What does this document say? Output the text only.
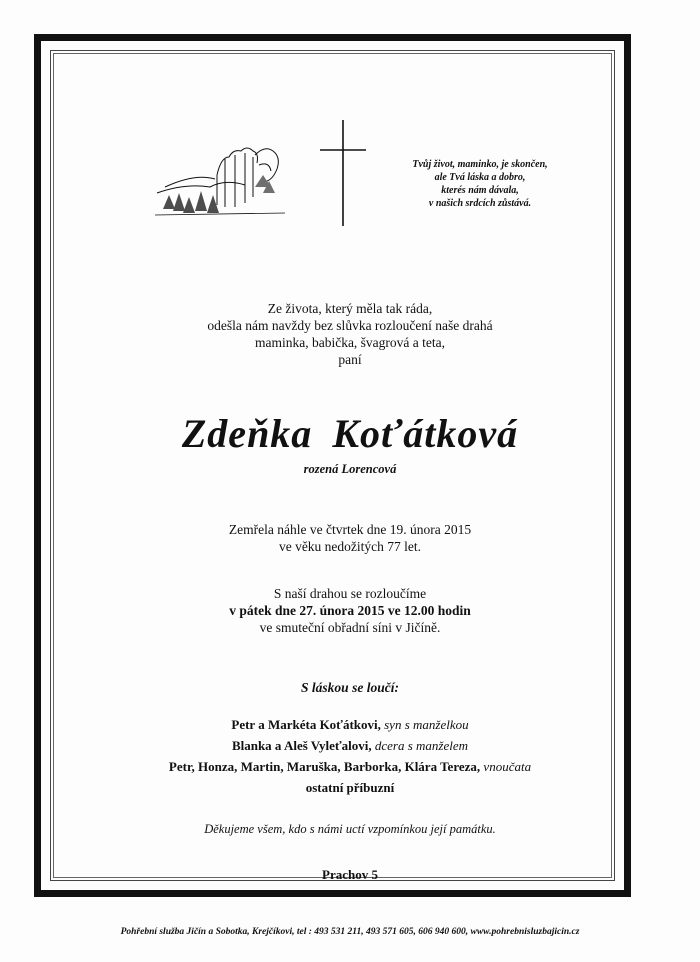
Tvůj život, maminko, je skončen,
ale Tvá láska a dobro,
kterés nám dávala,
v našich srdcích zůstává.
Ze života, který měla tak ráda,
odešla nám navždy bez slůvka rozloučení naše drahá
maminka, babička, švagrová a teta,
paní
Zdeňka Koťátková
rozená Lorencová
Zemřela náhle ve čtvrtek dne 19. února 2015
ve věku nedožitých 77 let.
S naší drahou se rozloučíme
v pátek dne 27. února 2015 ve 12.00 hodin
ve smuteční obřadní síni v Jičíně.
S láskou se loučí:
Petr a Markéta Koťátkovi, syn s manželkou
Blanka a Aleš Vyleťalovi, dcera s manželem
Petr, Honza, Martin, Maruška, Barborka, Klára Tereza, vnoučata
ostatní příbuzní
Děkujeme všem, kdo s námi uctí vzpomínkou její památku.
Prachov 5
Pohřební služba Jičín a Sobotka, Krejčíkovi, tel : 493 531 211, 493 571 605, 606 940 600, www.pohrebnisluzbajicin.cz
